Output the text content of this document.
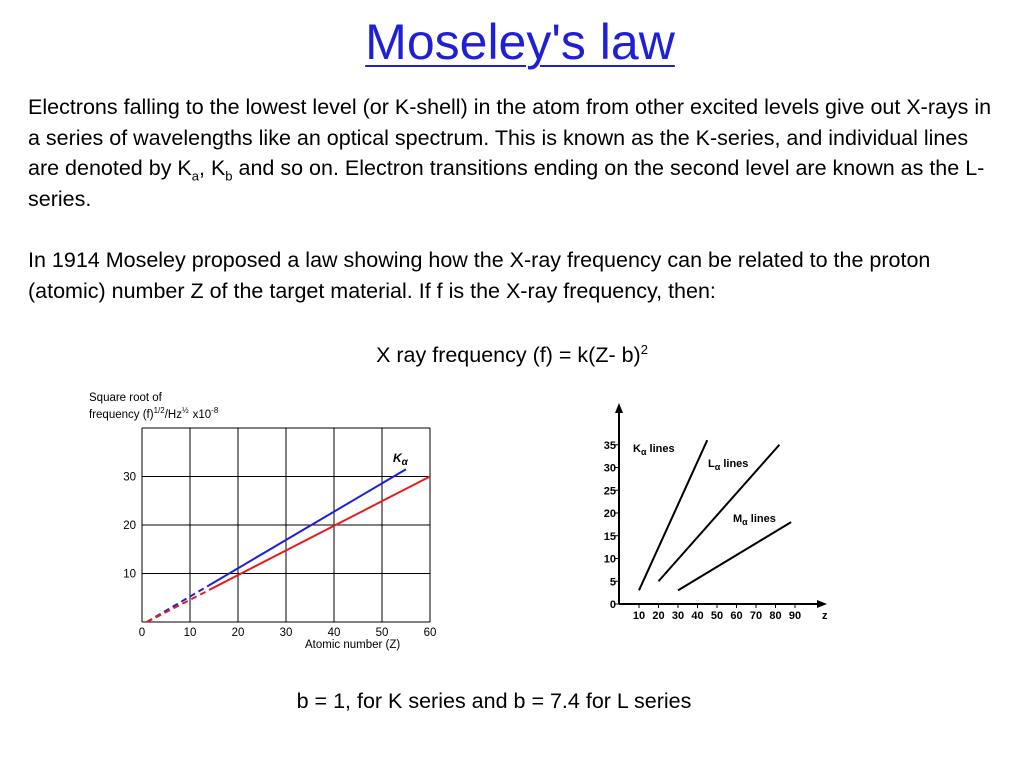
Moseley's law

Electrons falling to the lowest level (or K-shell) in the atom from other excited levels give out X-rays in a series of wavelengths like an optical spectrum. This is known as the K-series, and individual lines are denoted by $K_a$, $K_b$ and so on. Electron transitions ending on the second level are known as the L-series.

In 1914 Moseley proposed a law showing how the X-ray frequency can be related to the proton (atomic) number Z of the target material. If f is the X-ray frequency, then:

X ray frequency (f) = k(Z- b)$^2$
Square root of
frequency $(f)^{1/2}/Hz^{\frac{1}{2}}$ $x10^{-8}$
0	10	20	30	40	50	60
10
20
30
$K_\alpha$
Atomic number (Z)
0
5
10
15
20
25
30
35
10 20 30 40 50 60 70 80 90 z
$K_\alpha$ lines
$L_\alpha$ lines
$M_\alpha$ lines
b = 1, for K series and b = 7.4 for L series
